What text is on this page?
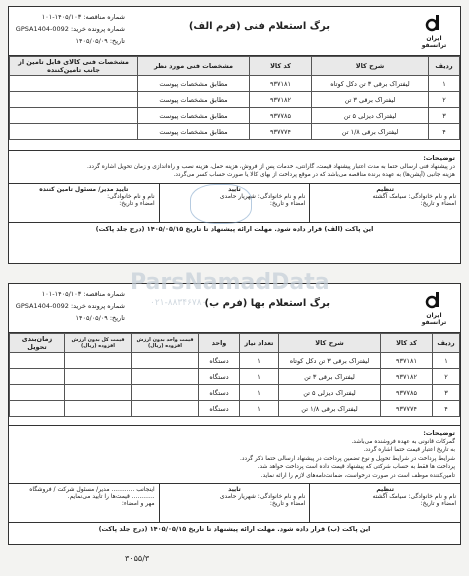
ایران ترانسفو
برگ استعلام فنی (فرم الف)
شماره مناقصه: ۱۴۰۵/۱۰۳-۱۰۱
شماره پرونده خرید: GPSA1404-0092
تاریخ: ۱۴۰۵/۰۵/۰۹
ردیف	شرح کالا	کد کالا	مشخصات فنی مورد نظر	مشخصات فنی کالای قابل تامین از جانب تامین‌کننده
۱	لیفتراک برقی ۳ تن دکل کوتاه	۹۳۷۱۸۱	مطابق مشخصات پیوست	
۲	لیفتراک برقی ۳ تن	۹۳۷۱۸۲	مطابق مشخصات پیوست	
۳	لیفتراک دیزلی ۵ تن	۹۳۷۷۸۵	مطابق مشخصات پیوست	
۴	لیفتراک برقی ۱/۸ تن	۹۳۷۷۷۴	مطابق مشخصات پیوست	
توضیحات:
در پیشنهاد فنی ارسالی حتما به مدت اعتبار پیشنهاد قیمت، گارانتی، خدمات پس از فروش، هزینه حمل، هزینه نصب و راه‌اندازی و زمان تحویل اشاره گردد.
هزینه جانبی (آپشن‌ها) به عهده برنده مناقصه می‌باشد که در موقع پرداخت از بهای کالا یا صورت حساب کسر می‌گردد.
تنظیم
نام و نام خانوادگی: سیامک آگشته
امضاء و تاریخ:
تایید
نام و نام خانوادگی: شهریار حامدی
امضاء و تاریخ:
تایید مدیر/ مسئول تامین کننده
نام و نام خانوادگی:
امضاء و تاریخ:
این پاکت (الف) قرار داده شود. مهلت ارائه پیشنهاد تا تاریخ ۱۴۰۵/۰۵/۱۵ (درج جلد پاکت)
ایران ترانسفو
برگ استعلام بها (فرم ب)
شماره مناقصه: ۱۴۰۵/۱۰۳-۱۰۱
شماره پرونده خرید: GPSA1404-0092
تاریخ: ۱۴۰۵/۰۵/۰۹
ردیف	کد کالا	شرح کالا	تعداد نیاز	واحد	قیمت واحد بدون ارزش افزوده (ریال)	قیمت کل بدون ارزش افزوده (ریال)	زمان‌بندی تحویل
۱	۹۳۷۱۸۱	لیفتراک برقی ۳ تن دکل کوتاه	۱	دستگاه			
۲	۹۳۷۱۸۲	لیفتراک برقی ۳ تن	۱	دستگاه			
۳	۹۳۷۷۸۵	لیفتراک دیزلی ۵ تن	۱	دستگاه			
۴	۹۳۷۷۷۴	لیفتراک برقی ۱/۸ تن	۱	دستگاه			
توضیحات:
گمرکات قانونی به عهده فروشنده می‌باشد.
به تاریخ اعتبار قیمت حتما اشاره گردد.
شرایط پرداخت در شرایط تحویل و نوع تضمین پرداخت در پیشنهاد ارسالی حتما ذکر گردد.
پرداخت ها فقط به حساب شرکتی که پیشنهاد قیمت داده است پرداخت خواهد شد.
تامین‌کننده موظف است در صورت درخواست، ضمانت‌نامه‌های لازم را ارائه نماید.
تنظیم
نام و نام خانوادگی: سیامک آگشته
امضاء و تاریخ:
تایید
نام و نام خانوادگی: شهریار حامدی
امضاء و تاریخ:
اینجانب ............ مدیر/ مسئول شرکت / فروشگاه ............ قیمت‌ها را تایید می‌نمایم.
مهر و امضاء:
این پاکت (ب) قرار داده شود. مهلت ارائه پیشنهاد تا تاریخ ۱۴۰۵/۰۵/۱۵ (درج جلد پاکت)
ParsNamadData
۰۲۱-۸۸۳۴۶۷۸۰
۳۰۵۵/۳
